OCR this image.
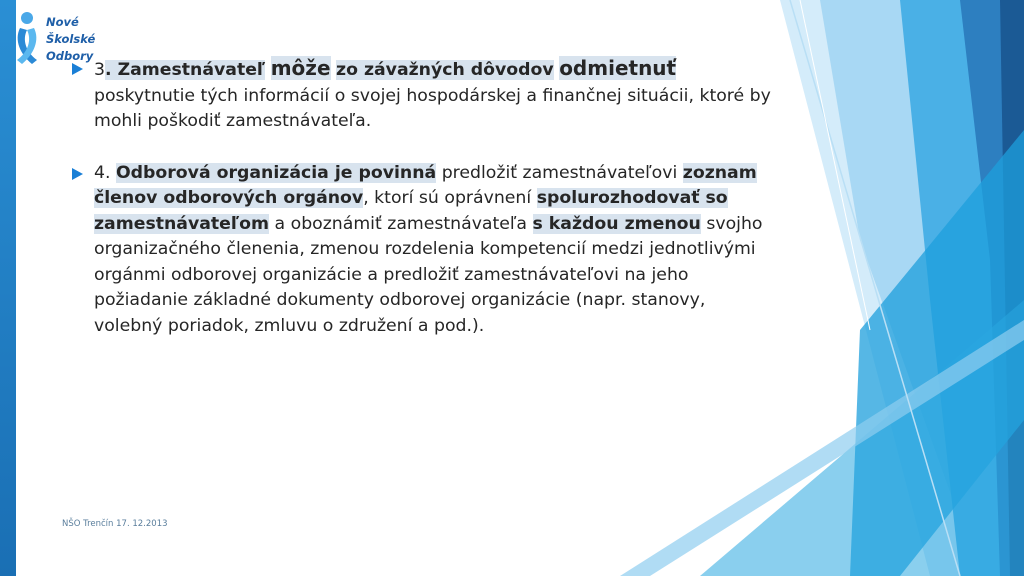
Nové
Školské
Odbory
3. Zamestnávateľ môže zo závažných dôvodov odmietnuť poskytnutie tých informácií o svojej hospodárskej a finančnej situácii, ktoré by mohli poškodiť zamestnávateľa.
4. Odborová organizácia je povinná predložiť zamestnávateľovi zoznam členov odborových orgánov, ktorí sú oprávnení spolurozhodovať so zamestnávateľom a oboznámiť zamestnávateľa s každou zmenou svojho organizačného členenia, zmenou rozdelenia kompetencií medzi jednotlivými orgánmi odborovej organizácie a predložiť zamestnávateľovi na jeho požiadanie základné dokumenty odborovej organizácie (napr. stanovy, volebný poriadok, zmluvu o združení a pod.).
NŠO Trenčín 17. 12.2013
